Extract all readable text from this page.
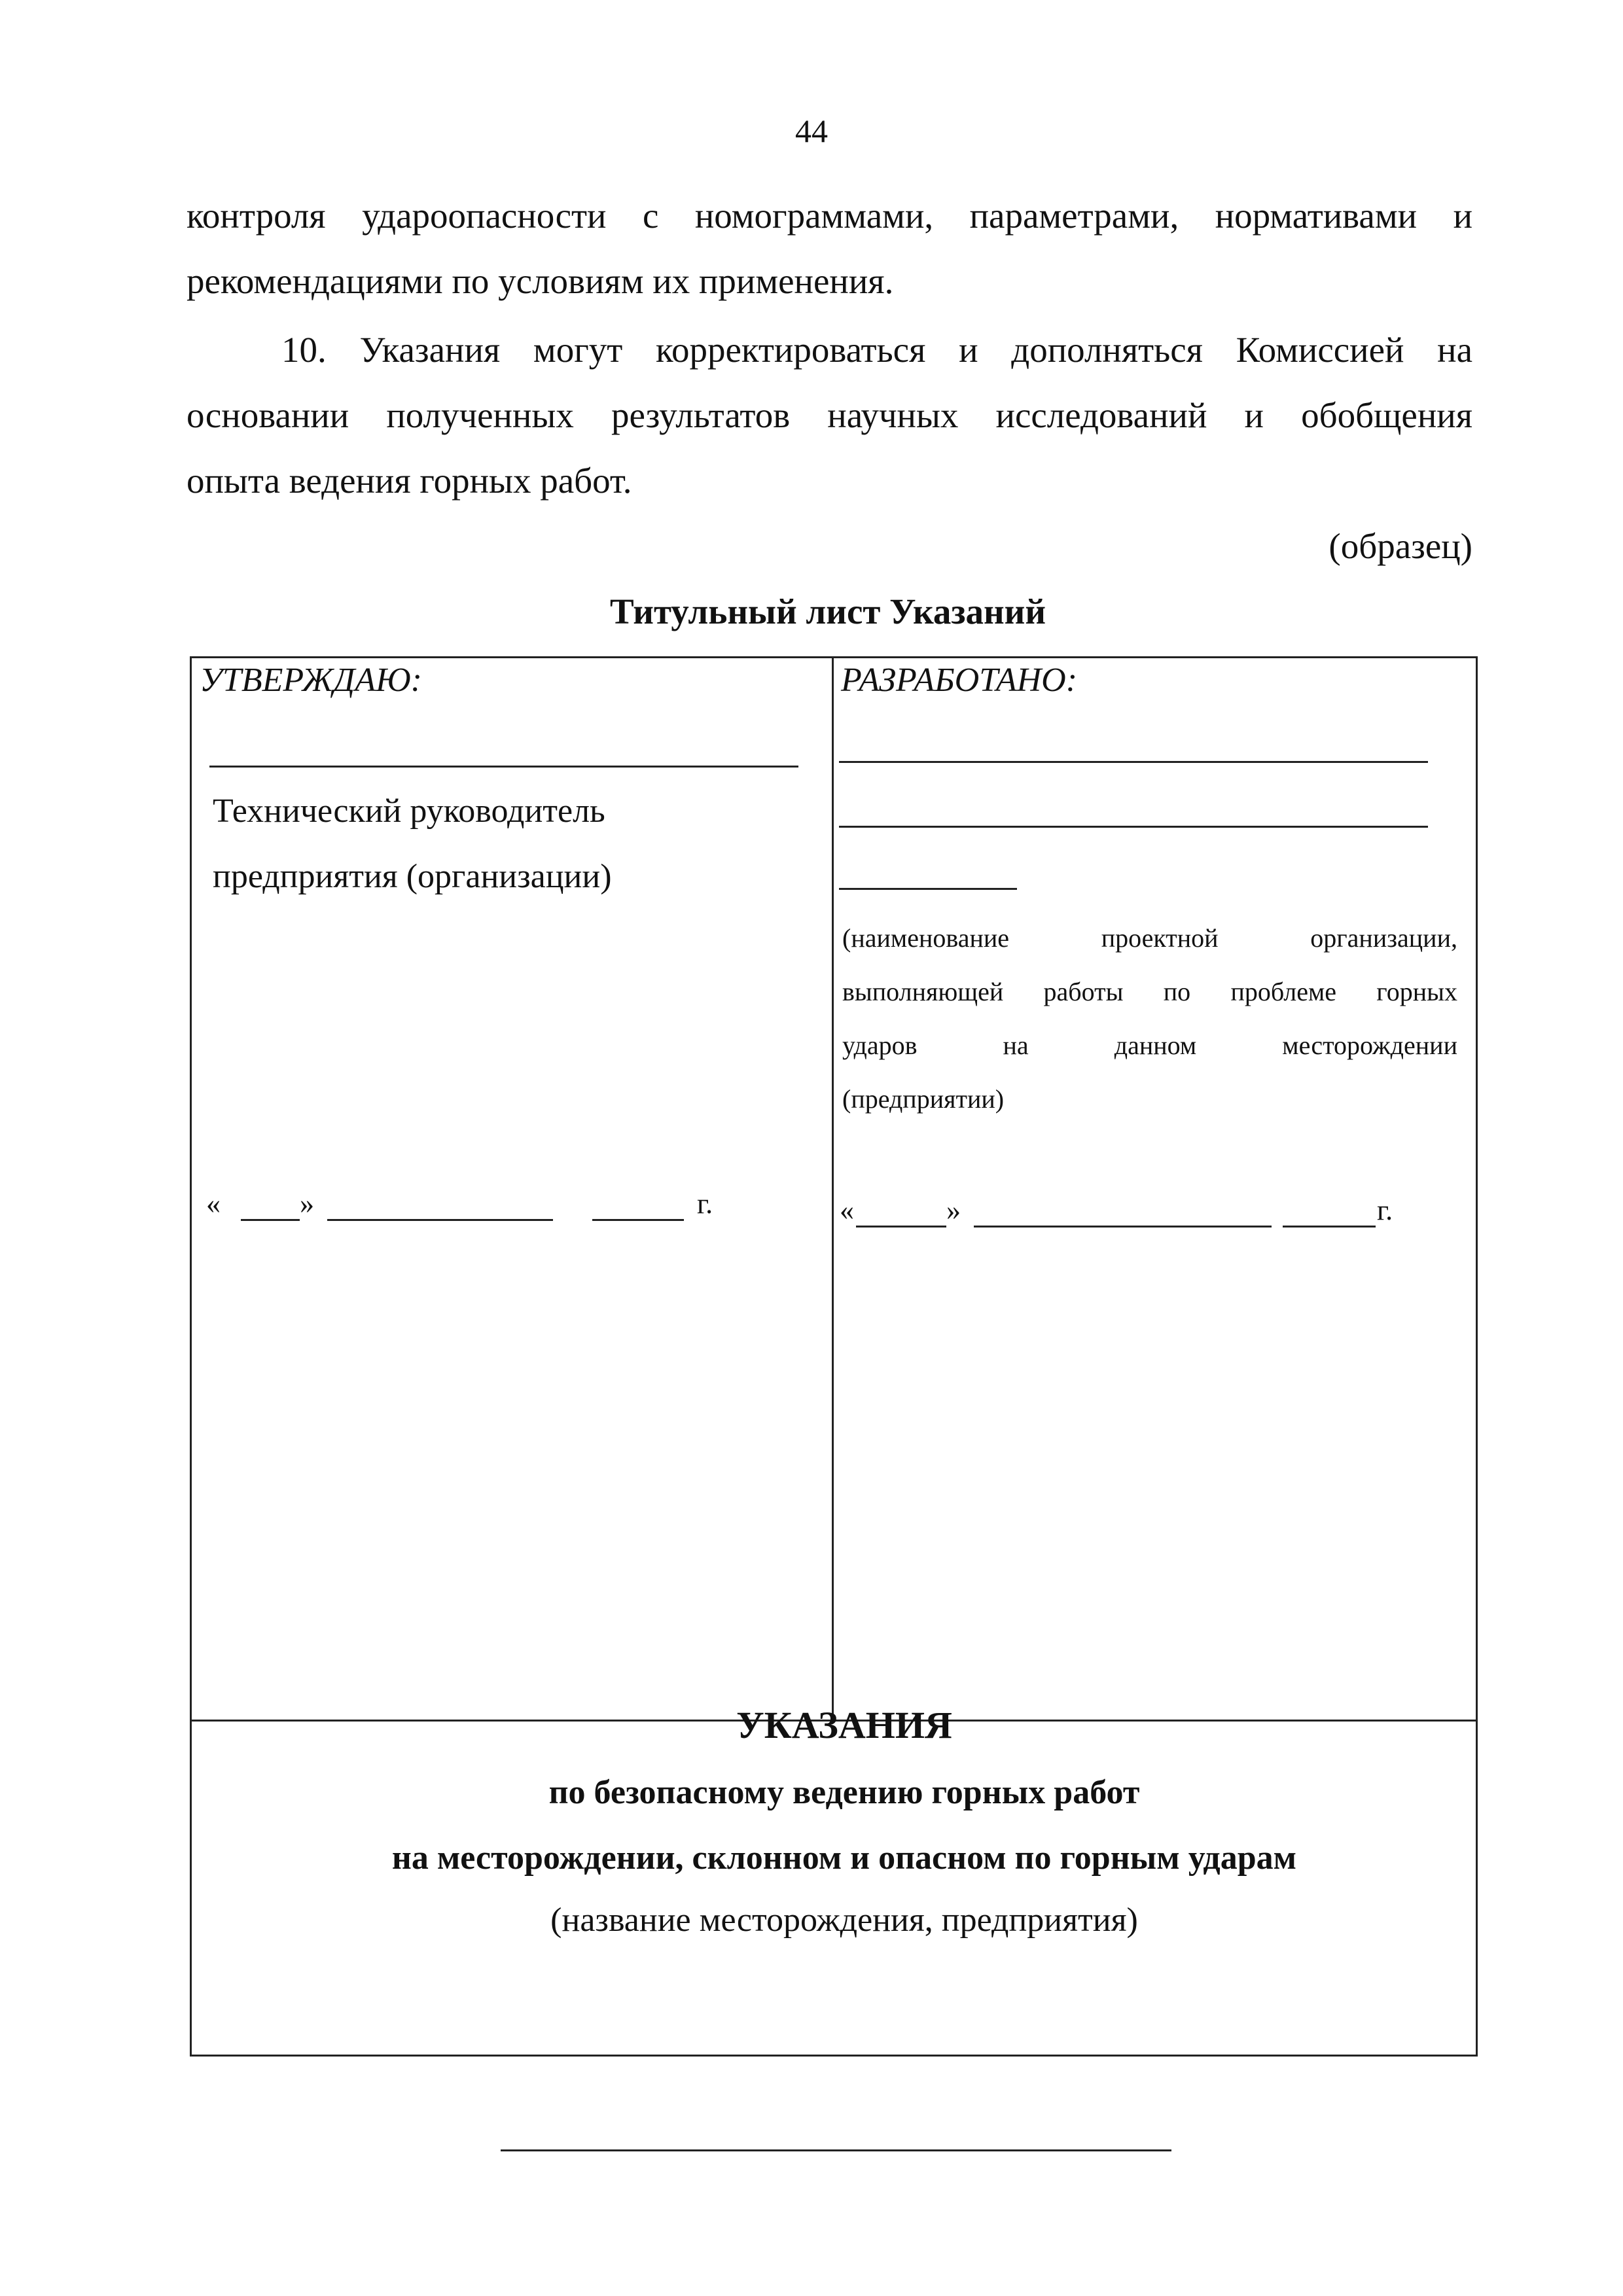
44

контроля удароопасности с номограммами, параметрами, нормативами и

рекомендациями по условиям их применения.

10. Указания могут корректироваться и дополняться Комиссией на

основании полученных результатов научных исследований и обобщения

опыта ведения горных работ.

(образец)
Титульный лист Указаний
УТВЕРЖДАЮ:
Технический руководитель
предприятия (организации)
«	»	г.
РАЗРАБОТАНО:

(наименование проектной организации,

выполняющей работы по проблеме горных

ударов на данном месторождении

(предприятии)

«	»	г.
УКАЗАНИЯ
по безопасному ведению горных работ
на месторождении, склонном и опасном по горным ударам
(название месторождения, предприятия)
